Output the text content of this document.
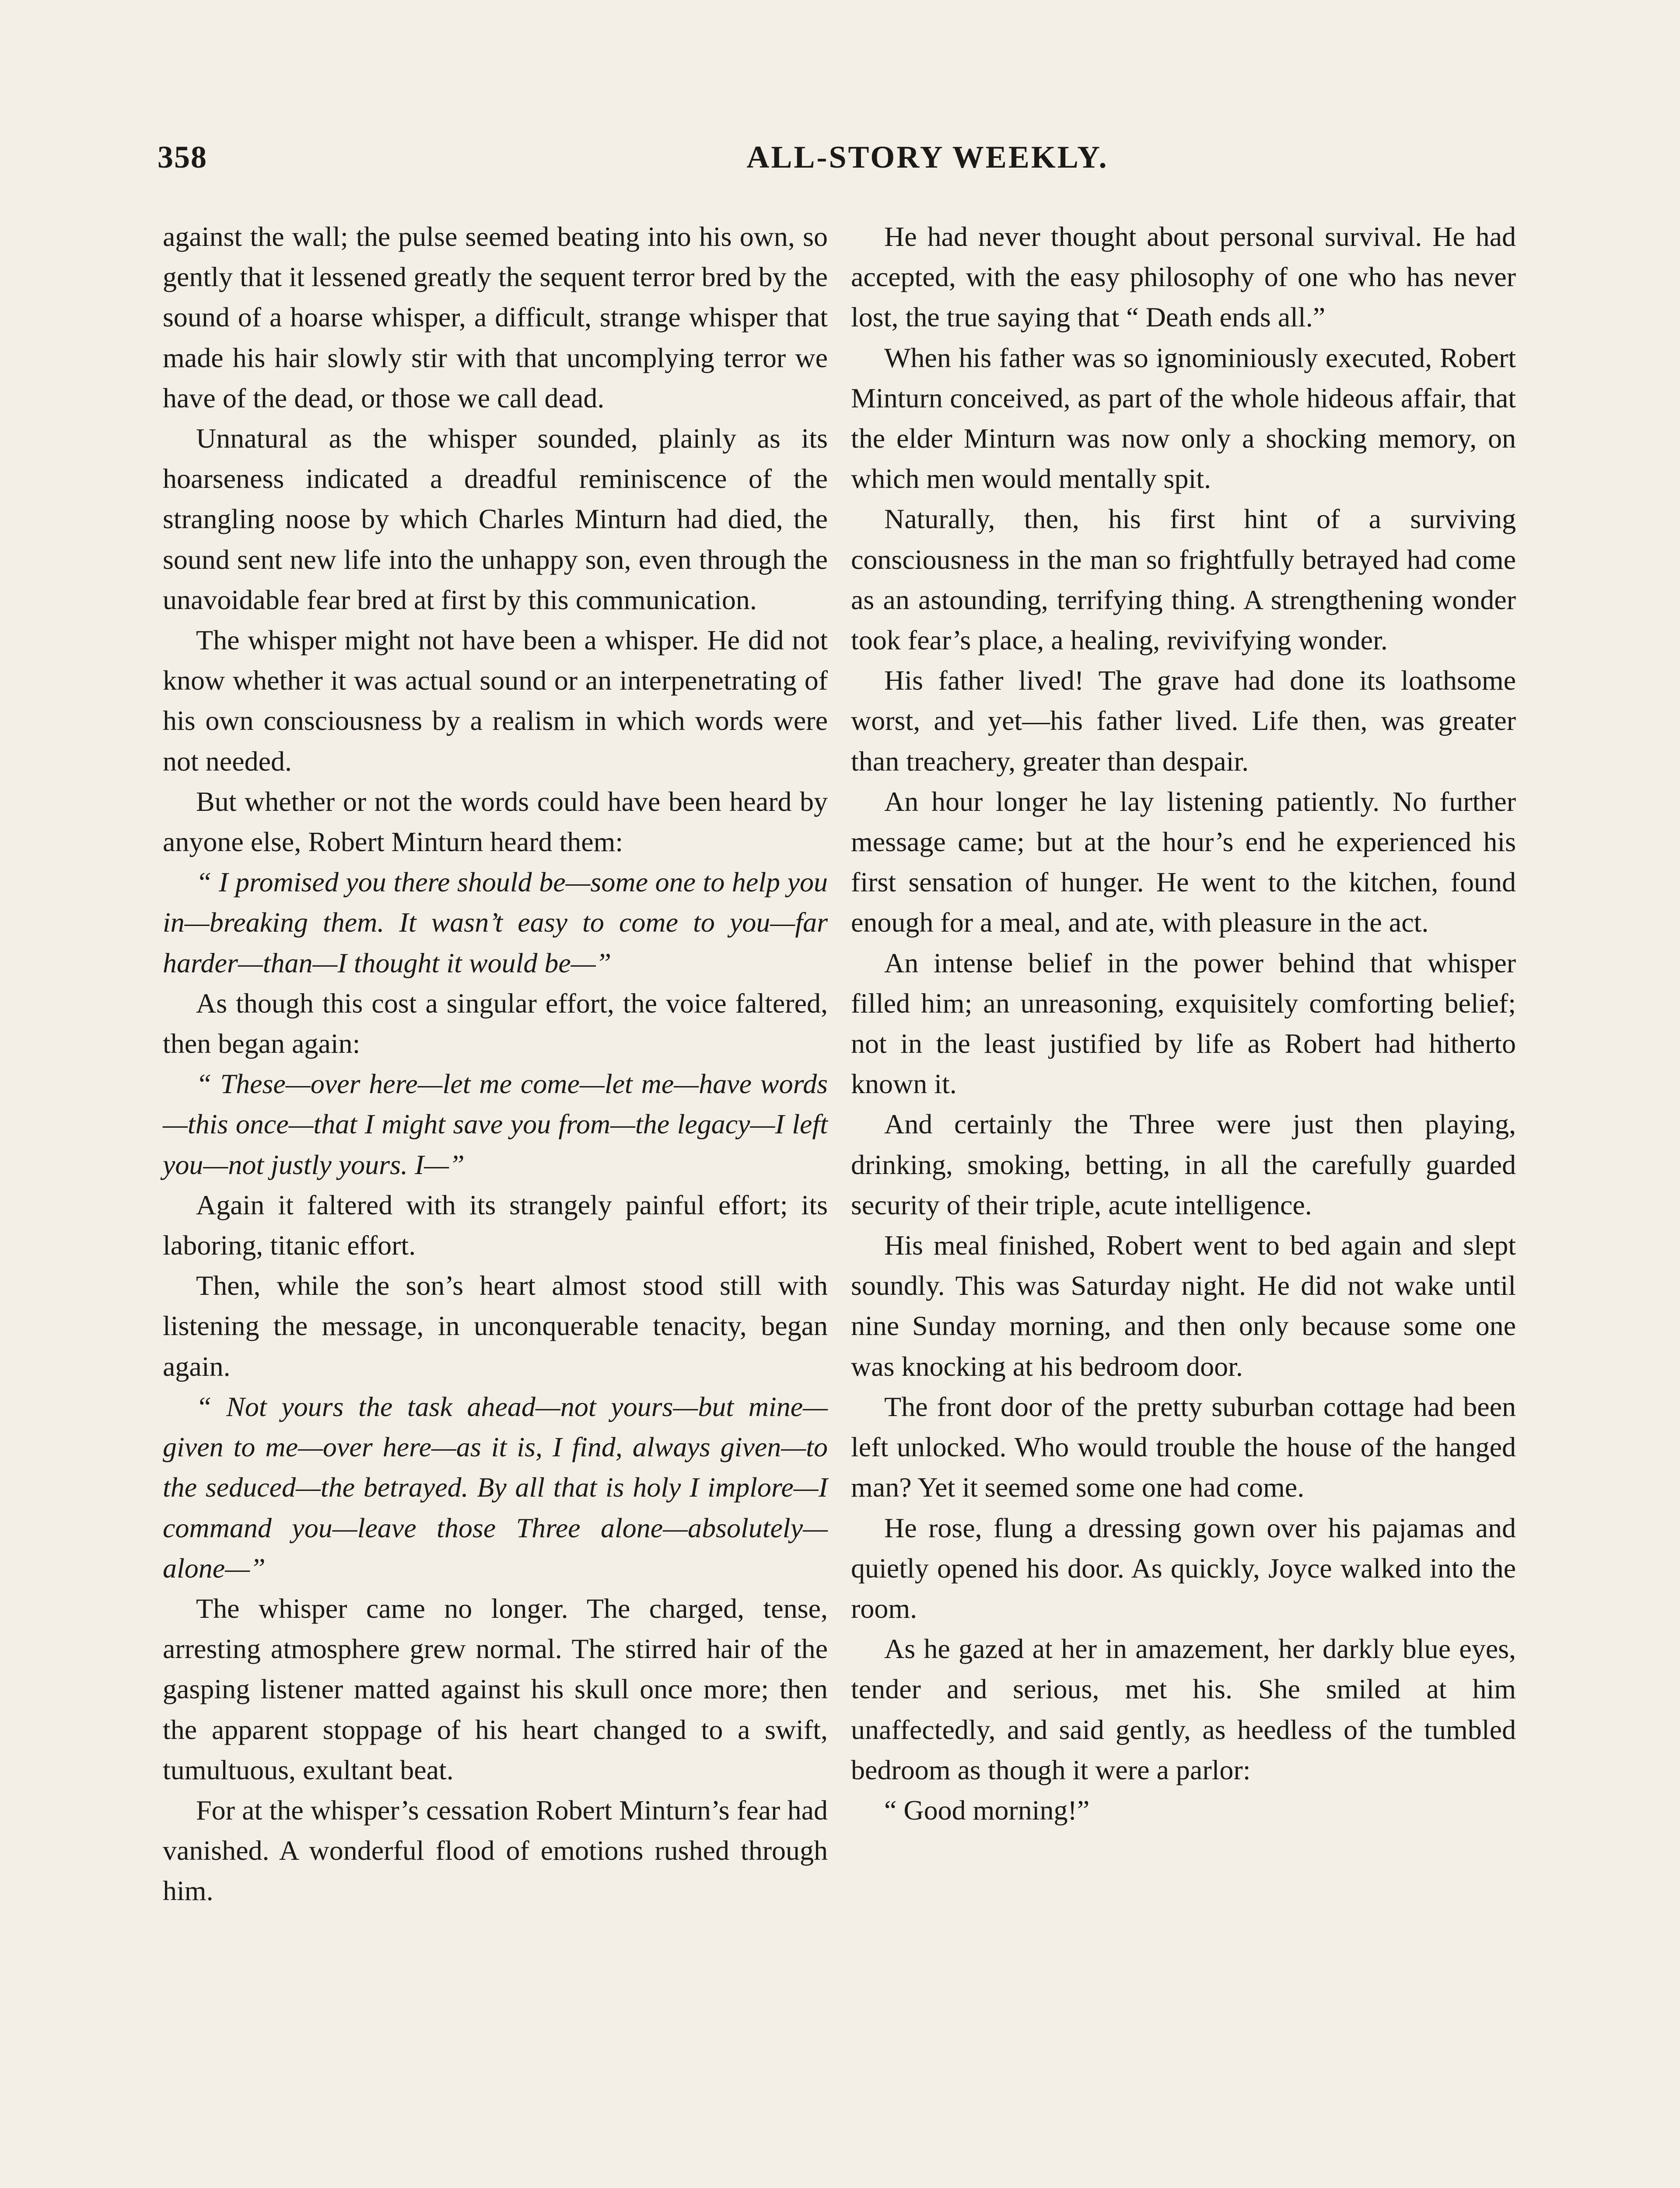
358	ALL-STORY WEEKLY.

against the wall; the pulse seemed beating into his own, so gently that it lessened greatly the sequent terror bred by the sound of a hoarse whisper, a difficult, strange whisper that made his hair slowly stir with that uncomplying terror we have of the dead, or those we call dead.

Unnatural as the whisper sounded, plainly as its hoarseness indicated a dreadful reminiscence of the strangling noose by which Charles Minturn had died, the sound sent new life into the unhappy son, even through the unavoidable fear bred at first by this communication.

The whisper might not have been a whisper. He did not know whether it was actual sound or an interpenetrating of his own consciousness by a realism in which words were not needed.

But whether or not the words could have been heard by anyone else, Robert Minturn heard them:

“ I promised you there should be—some one to help you in—breaking them. It wasn’t easy to come to you—far harder—than—I thought it would be—”

As though this cost a singular effort, the voice faltered, then began again:

“ These—over here—let me come—let me—have words—this once—that I might save you from—the legacy—I left you—not justly yours. I—”

Again it faltered with its strangely painful effort; its laboring, titanic effort.

Then, while the son’s heart almost stood still with listening the message, in unconquerable tenacity, began again.

“ Not yours the task ahead—not yours—but mine—given to me—over here—as it is, I find, always given—to the seduced—the betrayed. By all that is holy I implore—I command you—leave those Three alone—absolutely—alone—”

The whisper came no longer. The charged, tense, arresting atmosphere grew normal. The stirred hair of the gasping listener matted against his skull once more; then the apparent stoppage of his heart changed to a swift, tumultuous, exultant beat.

For at the whisper’s cessation Robert Minturn’s fear had vanished. A wonderful flood of emotions rushed through him.

He had never thought about personal survival. He had accepted, with the easy philosophy of one who has never lost, the true saying that “ Death ends all.”

When his father was so ignominiously executed, Robert Minturn conceived, as part of the whole hideous affair, that the elder Minturn was now only a shocking memory, on which men would mentally spit.

Naturally, then, his first hint of a surviving consciousness in the man so frightfully betrayed had come as an astounding, terrifying thing. A strengthening wonder took fear’s place, a healing, revivifying wonder.

His father lived! The grave had done its loathsome worst, and yet—his father lived. Life then, was greater than treachery, greater than despair.

An hour longer he lay listening patiently. No further message came; but at the hour’s end he experienced his first sensation of hunger. He went to the kitchen, found enough for a meal, and ate, with pleasure in the act.

An intense belief in the power behind that whisper filled him; an unreasoning, exquisitely comforting belief; not in the least justified by life as Robert had hitherto known it.

And certainly the Three were just then playing, drinking, smoking, betting, in all the carefully guarded security of their triple, acute intelligence.

His meal finished, Robert went to bed again and slept soundly. This was Saturday night. He did not wake until nine Sunday morning, and then only because some one was knocking at his bedroom door.

The front door of the pretty suburban cottage had been left unlocked. Who would trouble the house of the hanged man? Yet it seemed some one had come.

He rose, flung a dressing gown over his pajamas and quietly opened his door. As quickly, Joyce walked into the room.

As he gazed at her in amazement, her darkly blue eyes, tender and serious, met his. She smiled at him unaffectedly, and said gently, as heedless of the tumbled bedroom as though it were a parlor:

“ Good morning!”
